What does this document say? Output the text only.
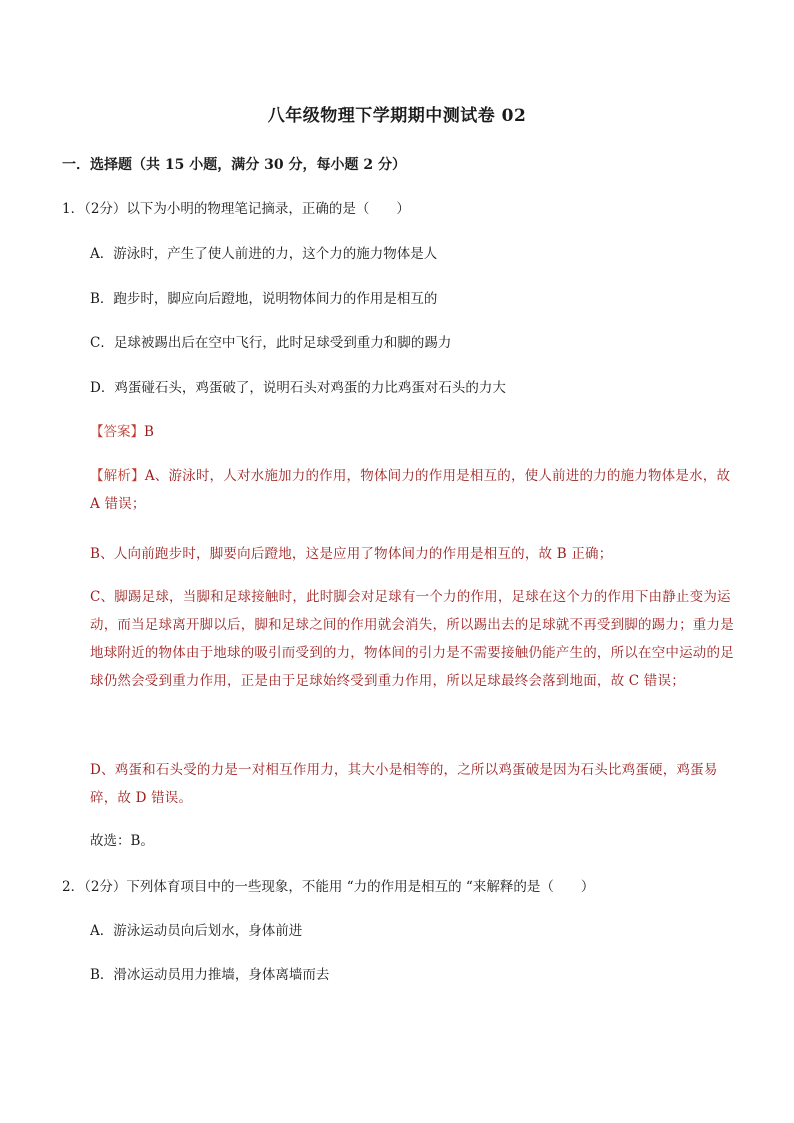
八年级物理下学期期中测试卷 02
一．选择题（共 15 小题，满分 30 分，每小题 2 分）
1．（2分）以下为小明的物理笔记摘录，正确的是（　　）
A．游泳时，产生了使人前进的力，这个力的施力物体是人
B．跑步时，脚应向后蹬地，说明物体间力的作用是相互的
C．足球被踢出后在空中飞行，此时足球受到重力和脚的踢力
D．鸡蛋碰石头，鸡蛋破了，说明石头对鸡蛋的力比鸡蛋对石头的力大
【答案】B
【解析】A、游泳时，人对水施加力的作用，物体间力的作用是相互的，使人前进的力的施力物体是水，故 A 错误；
B、人向前跑步时，脚要向后蹬地，这是应用了物体间力的作用是相互的，故 B 正确；
C、脚踢足球，当脚和足球接触时，此时脚会对足球有一个力的作用，足球在这个力的作用下由静止变为运动，而当足球离开脚以后，脚和足球之间的作用就会消失，所以踢出去的足球就不再受到脚的踢力；重力是地球附近的物体由于地球的吸引而受到的力，物体间的引力是不需要接触仍能产生的，所以在空中运动的足球仍然会受到重力作用，正是由于足球始终受到重力作用，所以足球最终会落到地面，故 C 错误；
D、鸡蛋和石头受的力是一对相互作用力，其大小是相等的，之所以鸡蛋破是因为石头比鸡蛋硬，鸡蛋易碎，故 D 错误。
故选：B。
2．（2分）下列体育项目中的一些现象，不能用 “力的作用是相互的 “来解释的是（　　）
A．游泳运动员向后划水，身体前进
B．滑冰运动员用力推墙，身体离墙而去
